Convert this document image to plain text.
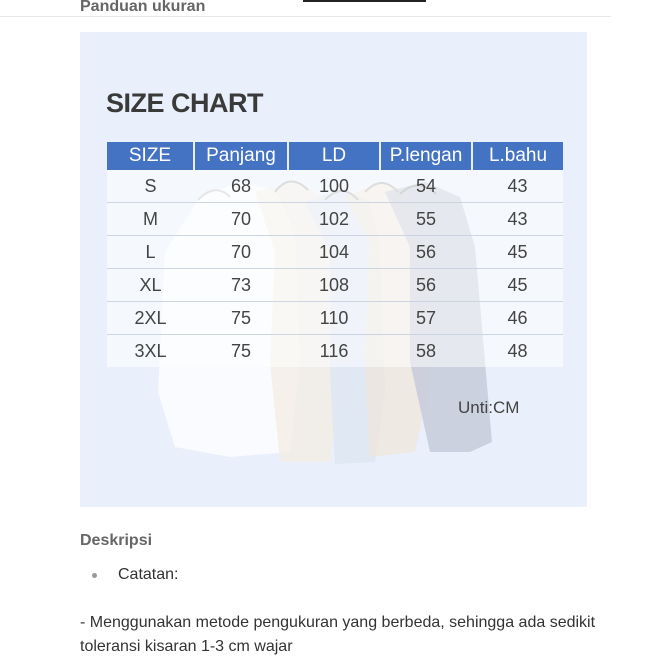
Panduan ukuran
SIZE CHART
SIZE	Panjang	LD	P.lengan	L.bahu
S	68	100	54	43
M	70	102	55	43
L	70	104	56	45
XL	73	108	56	45
2XL	75	110	57	46
3XL	75	116	58	48
Unti:CM
Deskripsi
Catatan:

- Menggunakan metode pengukuran yang berbeda, sehingga ada sedikit toleransi kisaran 1-3 cm wajar
